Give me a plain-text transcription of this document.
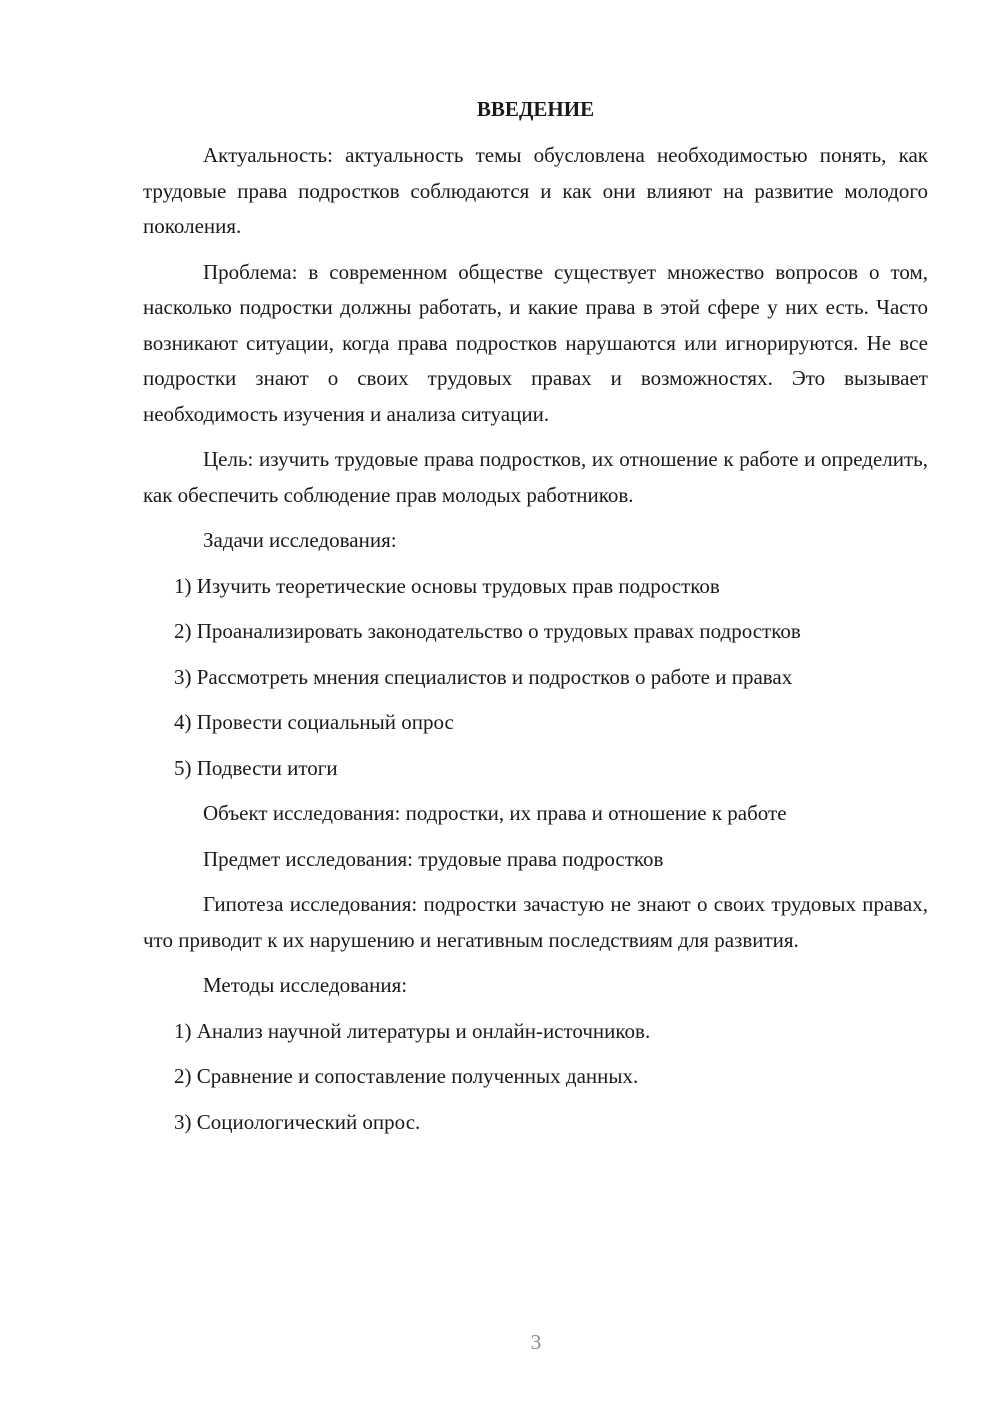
ВВЕДЕНИЕ

Актуальность: актуальность темы обусловлена необходимостью понять, как трудовые права подростков соблюдаются и как они влияют на развитие молодого поколения.

Проблема: в современном обществе существует множество вопросов о том, насколько подростки должны работать, и какие права в этой сфере у них есть. Часто возникают ситуации, когда права подростков нарушаются или игнорируются. Не все подростки знают о своих трудовых правах и возможностях. Это вызывает необходимость изучения и анализа ситуации.

Цель: изучить трудовые права подростков, их отношение к работе и определить, как обеспечить соблюдение прав молодых работников.

Задачи исследования:

1) Изучить теоретические основы трудовых прав подростков

2) Проанализировать законодательство о трудовых правах подростков

3) Рассмотреть мнения специалистов и подростков о работе и правах

4) Провести социальный опрос

5) Подвести итоги

Объект исследования: подростки, их права и отношение к работе

Предмет исследования: трудовые права подростков

Гипотеза исследования: подростки зачастую не знают о своих трудовых правах, что приводит к их нарушению и негативным последствиям для развития.

Методы исследования:

1) Анализ научной литературы и онлайн-источников.

2) Сравнение и сопоставление полученных данных.

3) Социологический опрос.

3
